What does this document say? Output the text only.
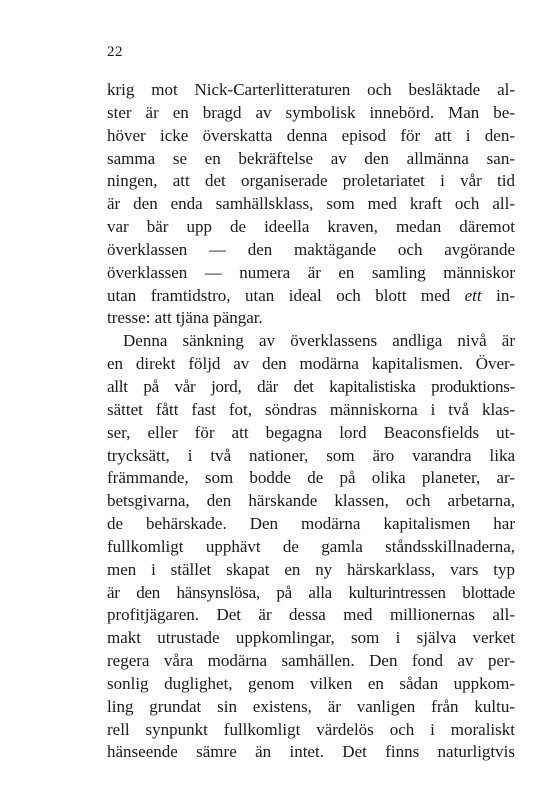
22
krig mot Nick-Carterlitteraturen och besläktade al-
ster är en bragd av symbolisk innebörd. Man be-
höver icke överskatta denna episod för att i den-
samma se en bekräftelse av den allmänna san-
ningen, att det organiserade proletariatet i vår tid
är den enda samhällsklass, som med kraft och all-
var bär upp de ideella kraven, medan däremot
överklassen — den maktägande och avgörande
överklassen — numera är en samling människor
utan framtidstro, utan ideal och blott med ett in-
tresse: att tjäna pängar.
Denna sänkning av överklassens andliga nivå är
en direkt följd av den modärna kapitalismen. Över-
allt på vår jord, där det kapitalistiska produktions-
sättet fått fast fot, söndras människorna i två klas-
ser, eller för att begagna lord Beaconsfields ut-
trycksätt, i två nationer, som äro varandra lika
främmande, som bodde de på olika planeter, ar-
betsgivarna, den härskande klassen, och arbetarna,
de behärskade. Den modärna kapitalismen har
fullkomligt upphävt de gamla ståndsskillnaderna,
men i stället skapat en ny härskarklass, vars typ
är den hänsynslösa, på alla kulturintressen blottade
profitjägaren. Det är dessa med millionernas all-
makt utrustade uppkomlingar, som i själva verket
regera våra modärna samhällen. Den fond av per-
sonlig duglighet, genom vilken en sådan uppkom-
ling grundat sin existens, är vanligen från kultu-
rell synpunkt fullkomligt värdelös och i moraliskt
hänseende sämre än intet. Det finns naturligtvis
